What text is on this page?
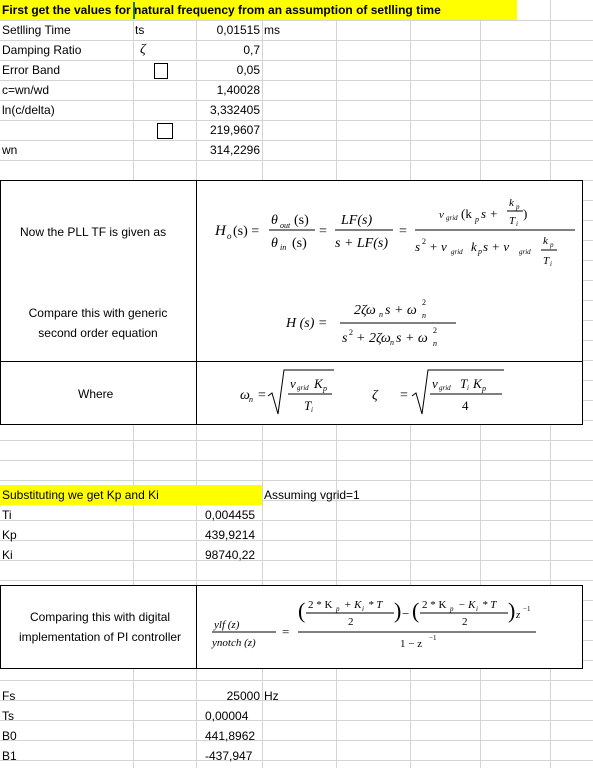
First get the values for natural frequency from an assumption of setlling time
Setlling Time	ts	0,01515 ms
Damping Ratio	ζ	0,7
Error Band	0,05
c=wn/wd	1,40028
ln(c/delta)	3,332405
219,9607
wn	314,2296
Now the PLL TF is given as
Compare this with generic second order equation
Where
H o (s) =
θ out (s)
θ in (s)
=
LF(s)
s + LF(s)
=
v grid (k p s +
k p
T i
)
s 2 + v grid k p s + v grid
k p
T i
H (s) =
2ζω n s + ω
2
n
s 2 + 2ζω n s + ω
2
n
ω n =
v grid K p
T i
ζ =
v grid T i K p
4
Substituting we get Kp and Ki	Assuming vgrid=1
Ti	0,004455
Kp	439,9214
Ki	98740,22
Comparing this with digital implementation of PI controller
ylf (z)
ynotch (z)
=
( 2 * K p + K i * T
2 ) − ( 2 * K p − K i * T
2 ) z −1
1 − z −1
Fs	25000 Hz
Ts	0,00004
B0	441,8962
B1	-437,947
